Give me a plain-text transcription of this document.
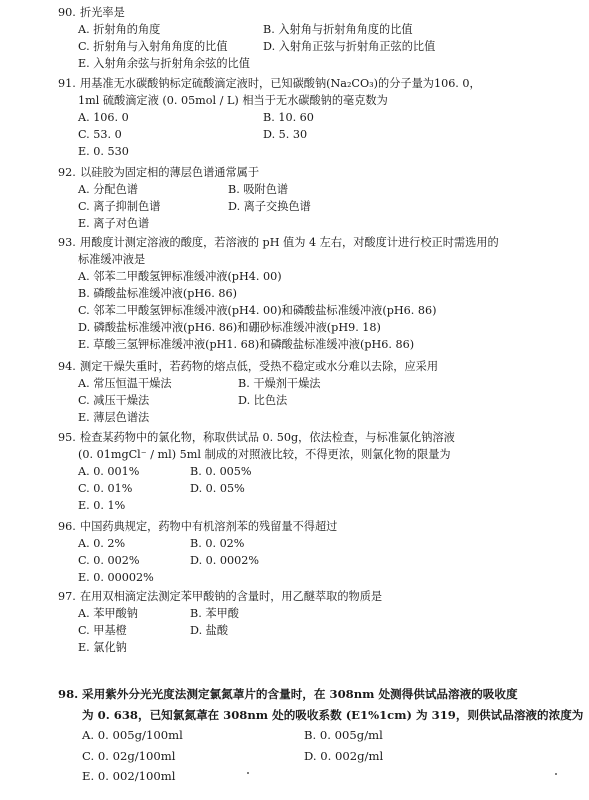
90. 折光率是
A. 折射角的角度	B. 入射角与折射角角度的比值
C. 折射角与入射角角度的比值	D. 入射角正弦与折射角正弦的比值
E. 入射角余弦与折射角余弦的比值
91. 用基准无水碳酸钠标定硫酸滴定液时，已知碳酸钠(Na₂CO₃)的分子量为106. 0，
1ml 硫酸滴定液 (0. 05mol / L) 相当于无水碳酸钠的毫克数为
A. 106. 0	B. 10. 60
C. 53. 0	D. 5. 30
E. 0. 530
92. 以硅胶为固定相的薄层色谱通常属于
A. 分配色谱	B. 吸附色谱
C. 离子抑制色谱	D. 离子交换色谱
E. 离子对色谱
93. 用酸度计测定溶液的酸度，若溶液的 pH 值为 4 左右，对酸度计进行校正时需选用的
标准缓冲液是
A. 邻苯二甲酸氢钾标准缓冲液(pH4. 00)
B. 磷酸盐标准缓冲液(pH6. 86)
C. 邻苯二甲酸氢钾标准缓冲液(pH4. 00)和磷酸盐标准缓冲液(pH6. 86)
D. 磷酸盐标准缓冲液(pH6. 86)和硼砂标准缓冲液(pH9. 18)
E. 草酸三氢钾标准缓冲液(pH1. 68)和磷酸盐标准缓冲液(pH6. 86)
94. 测定干燥失重时，若药物的熔点低，受热不稳定或水分难以去除，应采用
A. 常压恒温干燥法	B. 干燥剂干燥法
C. 减压干燥法	D. 比色法
E. 薄层色谱法
95. 检查某药物中的氯化物，称取供试品 0. 50g，依法检查，与标准氯化钠溶液
(0. 01mgCl⁻ / ml) 5ml 制成的对照液比较，不得更浓，则氯化物的限量为
A. 0. 001%	B. 0. 005%
C. 0. 01%	D. 0. 05%
E. 0. 1%
96. 中国药典规定，药物中有机溶剂苯的残留量不得超过
A. 0. 2%	B. 0. 02%
C. 0. 002%	D. 0. 0002%
E. 0. 00002%
97. 在用双相滴定法测定苯甲酸钠的含量时，用乙醚萃取的物质是
A. 苯甲酸钠	B. 苯甲酸
C. 甲基橙	D. 盐酸
E. 氯化钠
98. 采用紫外分光光度法测定氯氮䓬片的含量时，在 308nm 处测得供试品溶液的吸收度
为 0. 638，已知氯氮䓬在 308nm 处的吸收系数 (E1%1cm) 为 319，则供试品溶液的浓度为
A. 0. 005g/100ml	B. 0. 005g/ml
C. 0. 02g/100ml	D. 0. 002g/ml
E. 0. 002/100ml
